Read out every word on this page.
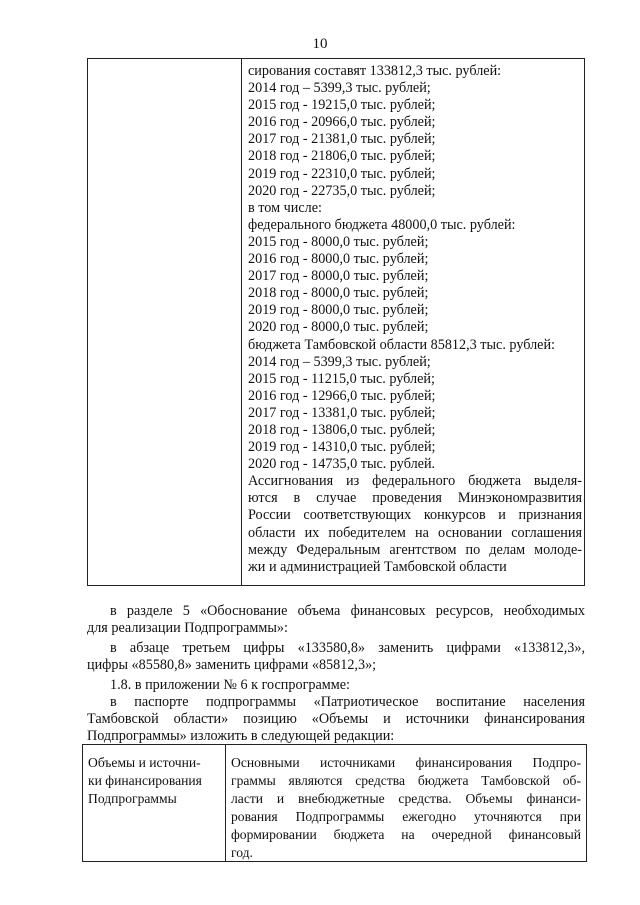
10
сирования составят 133812,3 тыс. рублей:
2014 год – 5399,3 тыс. рублей;
2015 год - 19215,0 тыс. рублей;
2016 год - 20966,0 тыс. рублей;
2017 год - 21381,0 тыс. рублей;
2018 год - 21806,0 тыс. рублей;
2019 год - 22310,0 тыс. рублей;
2020 год - 22735,0 тыс. рублей;
в том числе:
федерального бюджета 48000,0 тыс. рублей:
2015 год - 8000,0 тыс. рублей;
2016 год - 8000,0 тыс. рублей;
2017 год - 8000,0 тыс. рублей;
2018 год - 8000,0 тыс. рублей;
2019 год - 8000,0 тыс. рублей;
2020 год - 8000,0 тыс. рублей;
бюджета Тамбовской области 85812,3 тыс. рублей:
2014 год – 5399,3 тыс. рублей;
2015 год - 11215,0 тыс. рублей;
2016 год - 12966,0 тыс. рублей;
2017 год - 13381,0 тыс. рублей;
2018 год - 13806,0 тыс. рублей;
2019 год - 14310,0 тыс. рублей;
2020 год - 14735,0 тыс. рублей.
Ассигнования из федерального бюджета выделя-
ются в случае проведения Минэкономразвития
России соответствующих конкурсов и признания
области их победителем на основании соглашения
между Федеральным агентством по делам молоде-
жи и администрацией Тамбовской области
в разделе 5 «Обоснование объема финансовых ресурсов, необходимых
для реализации Подпрограммы»:
в абзаце третьем цифры «133580,8» заменить цифрами «133812,3»,
цифры «85580,8» заменить цифрами «85812,3»;
1.8. в приложении № 6 к госпрограмме:
в паспорте подпрограммы «Патриотическое воспитание населения
Тамбовской области» позицию «Объемы и источники финансирования
Подпрограммы» изложить в следующей редакции:
Объемы и источни-
ки финансирования
Подпрограммы
Основными источниками финансирования Подпро-
граммы являются средства бюджета Тамбовской об-
ласти и внебюджетные средства. Объемы финанси-
рования Подпрограммы ежегодно уточняются при
формировании бюджета на очередной финансовый
год.
